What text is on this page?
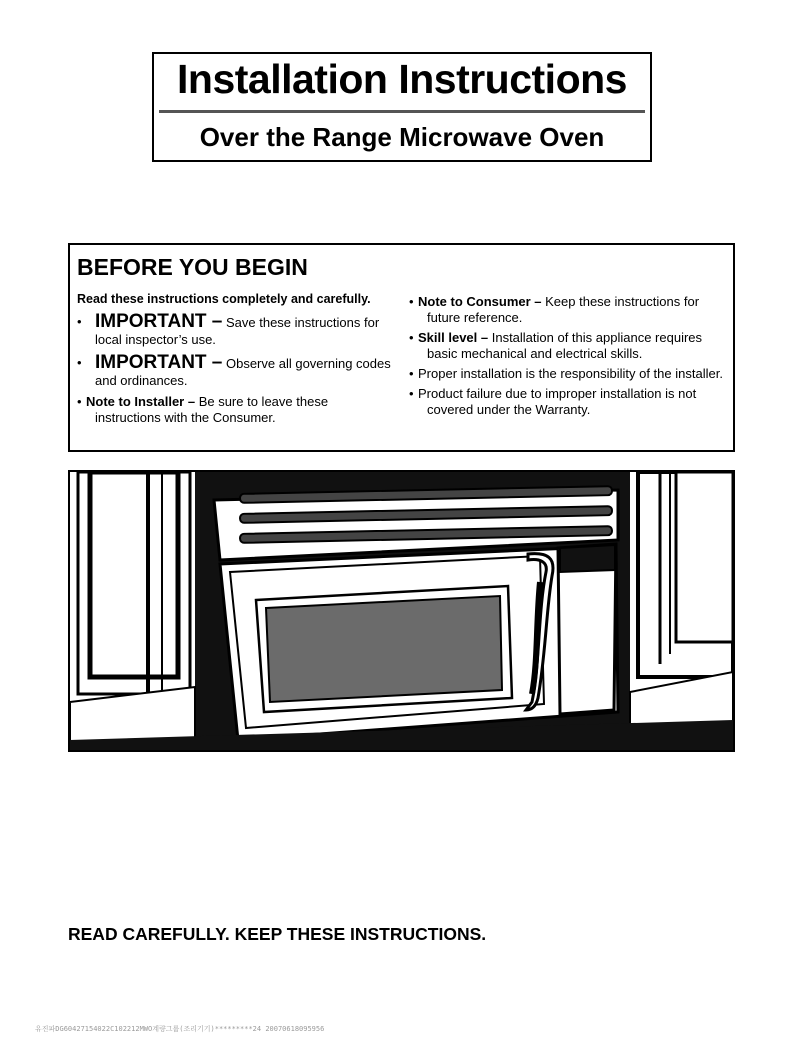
Installation Instructions
Over the Range Microwave Oven
BEFORE YOU BEGIN
Read these instructions completely and carefully.
• IMPORTANT – Save these instructions for local inspector’s use.
• IMPORTANT – Observe all governing codes and ordinances.
• Note to Installer – Be sure to leave these instructions with the Consumer.
• Note to Consumer – Keep these instructions for future reference.
• Skill level – Installation of this appliance requires basic mechanical and electrical skills.
• Proper installation is the responsibility of the installer.
• Product failure due to improper installation is not covered under the Warranty.
READ CAREFULLY. KEEP THESE INSTRUCTIONS.
유진파DG60427154022C102212MWO계량그룹(조리기기)*********24 20070618095956
